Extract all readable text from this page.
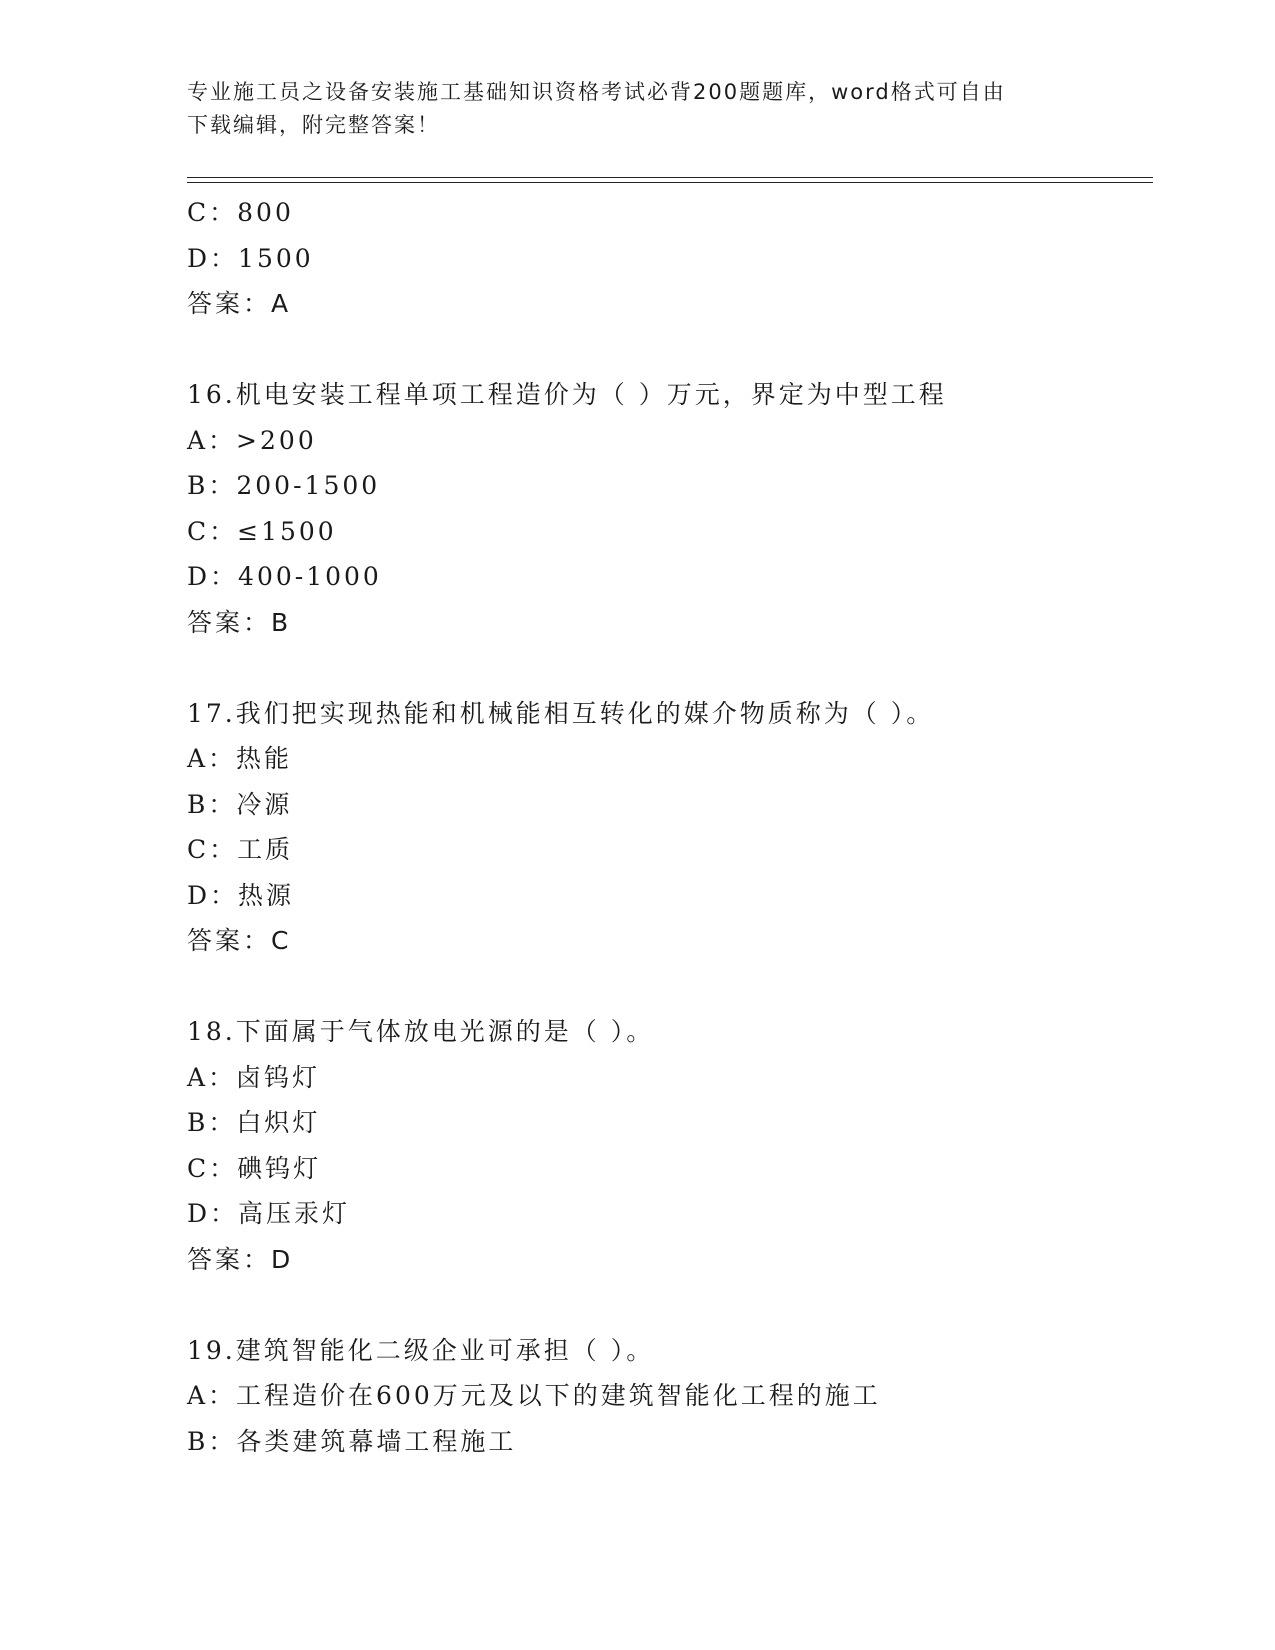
专业施工员之设备安装施工基础知识资格考试必背200题题库，word格式可自由
下载编辑，附完整答案！
C：800
D：1500
答案：A
16.机电安装工程单项工程造价为（ ）万元，界定为中型工程
A：>200
B：200-1500
C：≤1500
D：400-1000
答案：B
17.我们把实现热能和机械能相互转化的媒介物质称为（ ）。
A：热能
B：冷源
C：工质
D：热源
答案：C
18.下面属于气体放电光源的是（ ）。
A：卤钨灯
B：白炽灯
C：碘钨灯
D：高压汞灯
答案：D
19.建筑智能化二级企业可承担（ ）。
A：工程造价在600万元及以下的建筑智能化工程的施工
B：各类建筑幕墙工程施工
